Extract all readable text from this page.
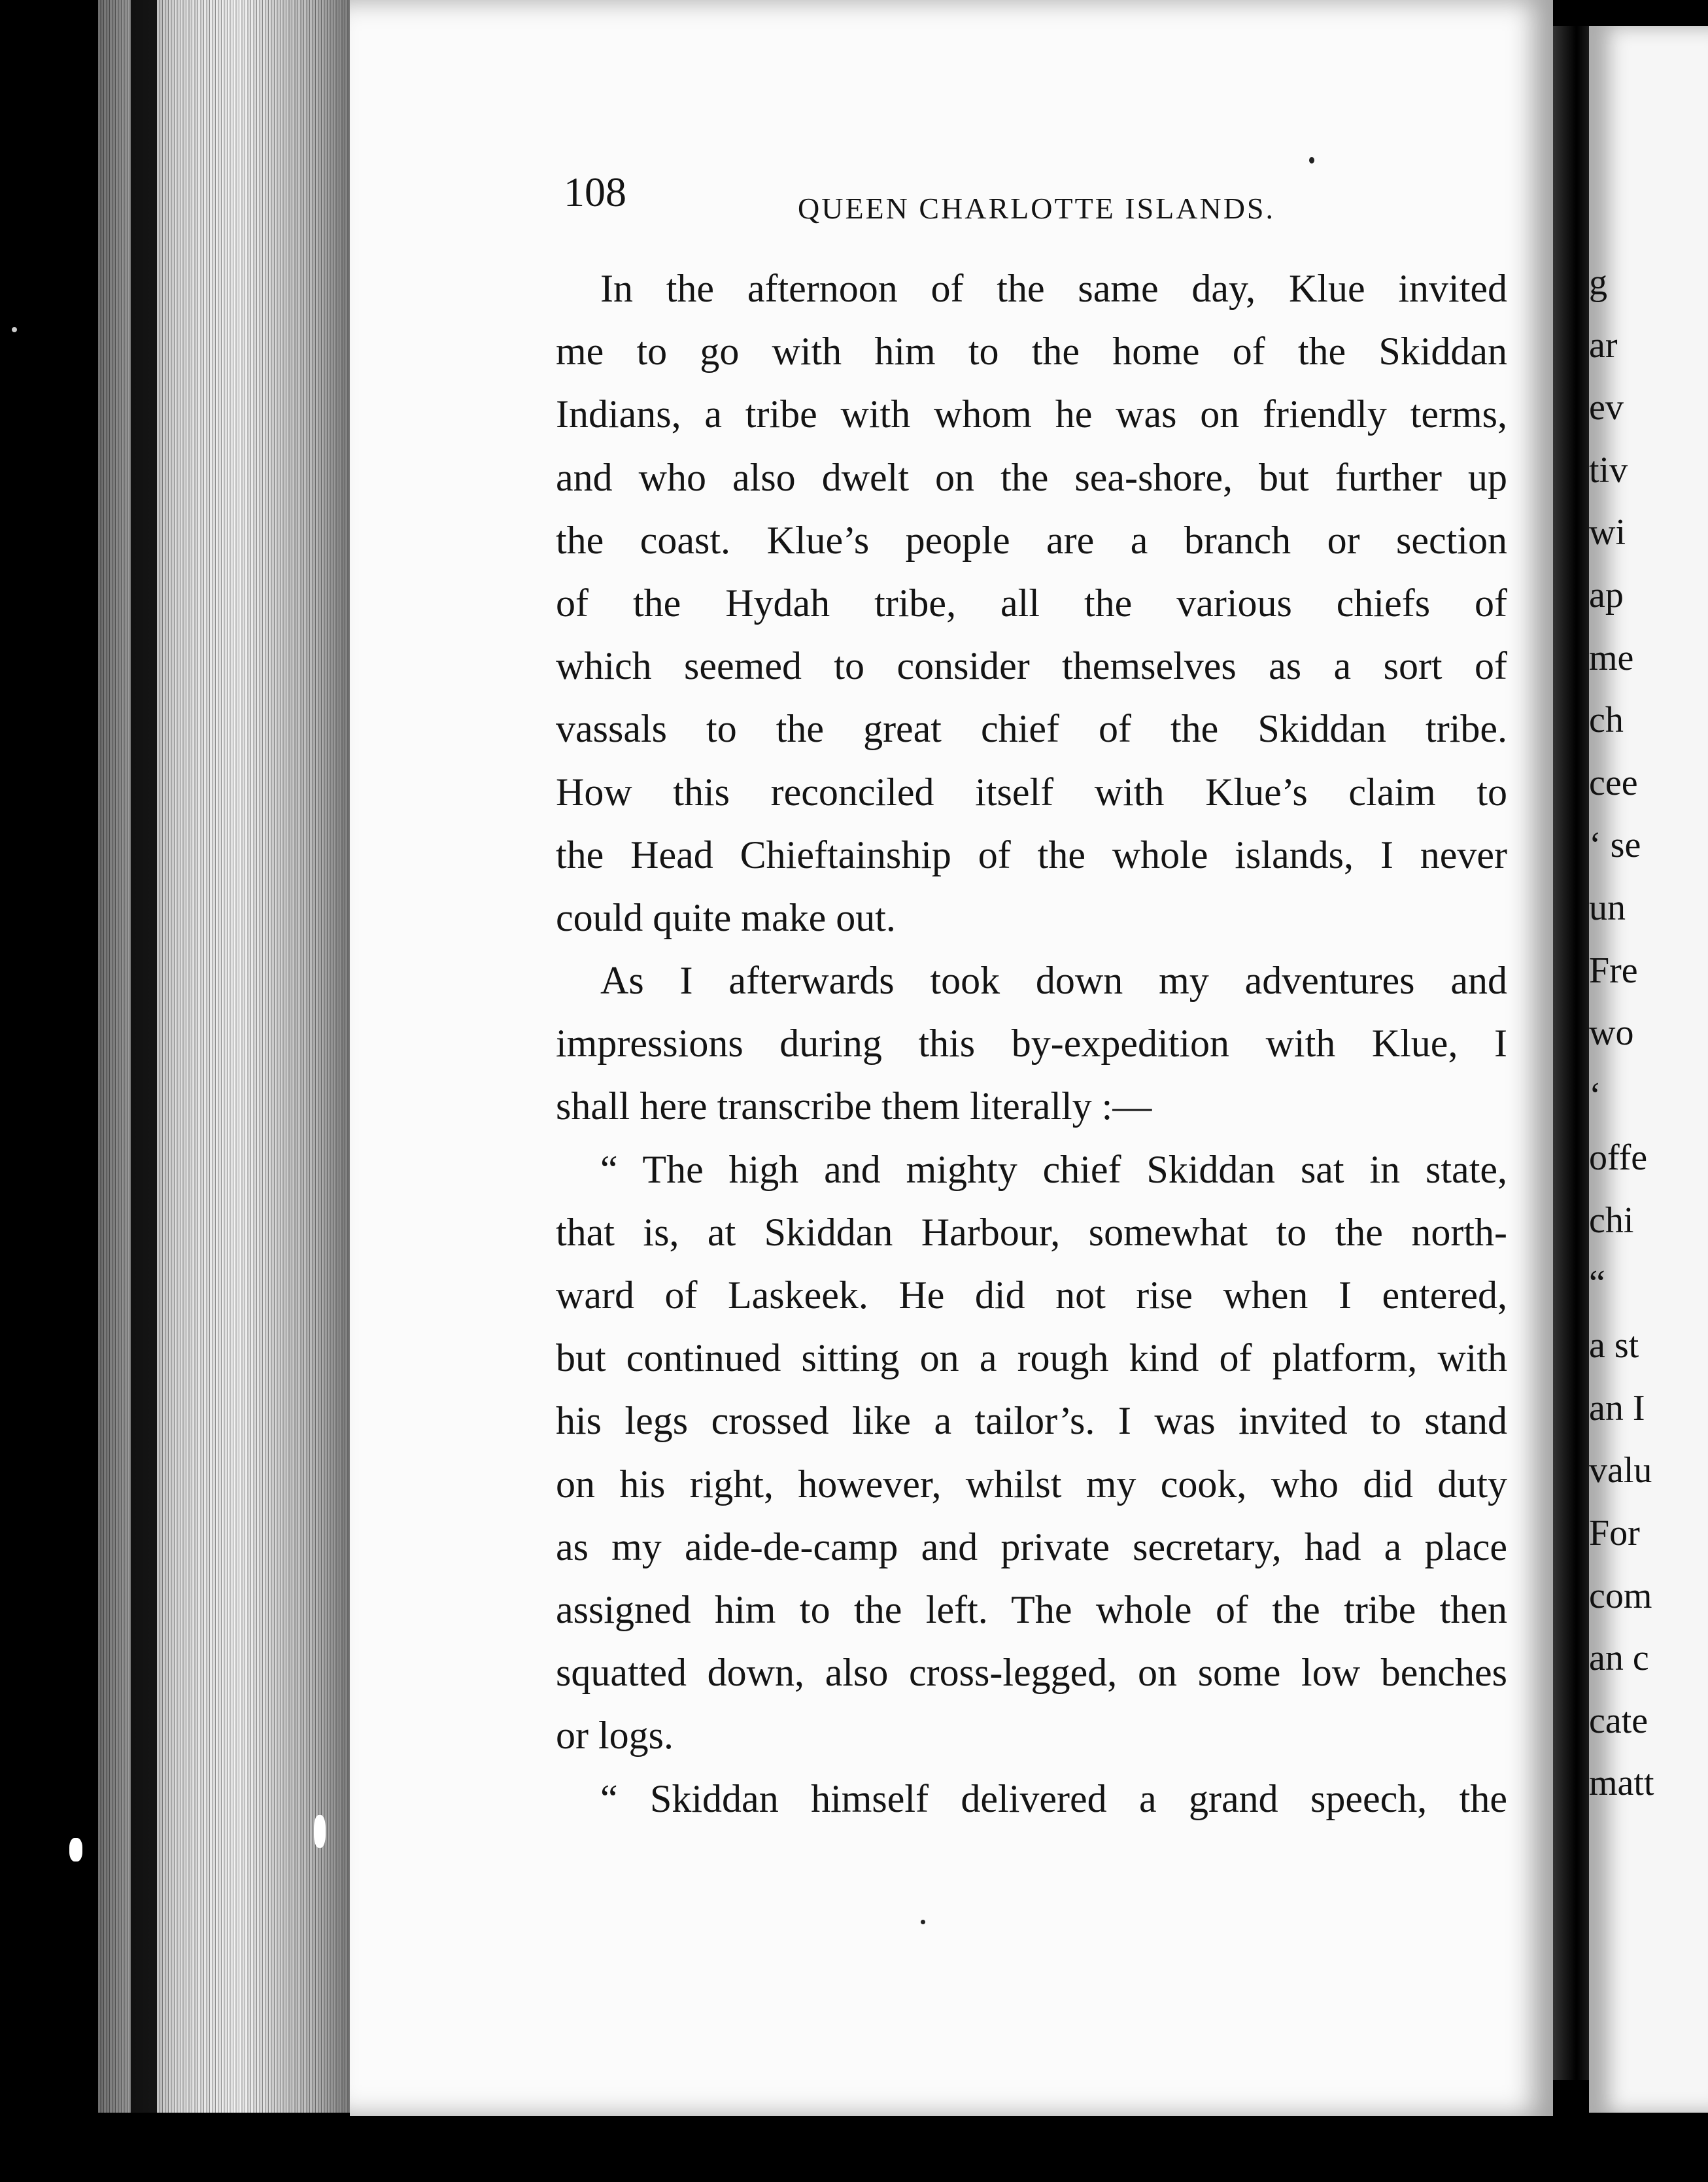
108	QUEEN CHARLOTTE ISLANDS.

In the afternoon of the same day, Klue invited
me to go with him to the home of the Skiddan
Indians, a tribe with whom he was on friendly terms,
and who also dwelt on the sea-shore, but further up
the coast. Klue’s people are a branch or section
of the Hydah tribe, all the various chiefs of
which seemed to consider themselves as a sort of
vassals to the great chief of the Skiddan tribe.
How this reconciled itself with Klue’s claim to
the Head Chieftainship of the whole islands, I never
could quite make out.
As I afterwards took down my adventures and
impressions during this by-expedition with Klue, I
shall here transcribe them literally :—
“ The high and mighty chief Skiddan sat in state,
that is, at Skiddan Harbour, somewhat to the north-
ward of Laskeek. He did not rise when I entered,
but continued sitting on a rough kind of platform, with
his legs crossed like a tailor’s. I was invited to stand
on his right, however, whilst my cook, who did duty
as my aide-de-camp and private secretary, had a place
assigned him to the left. The whole of the tribe then
squatted down, also cross-legged, on some low benches
or logs.
“ Skiddan himself delivered a grand speech, the

g

ar

ev

tiv

wi

ap

me

ch

cee

‘ se

un

Fre

wo

‘

offe

chi

“

a st

an I

valu

For

com

an c

cate

matt
